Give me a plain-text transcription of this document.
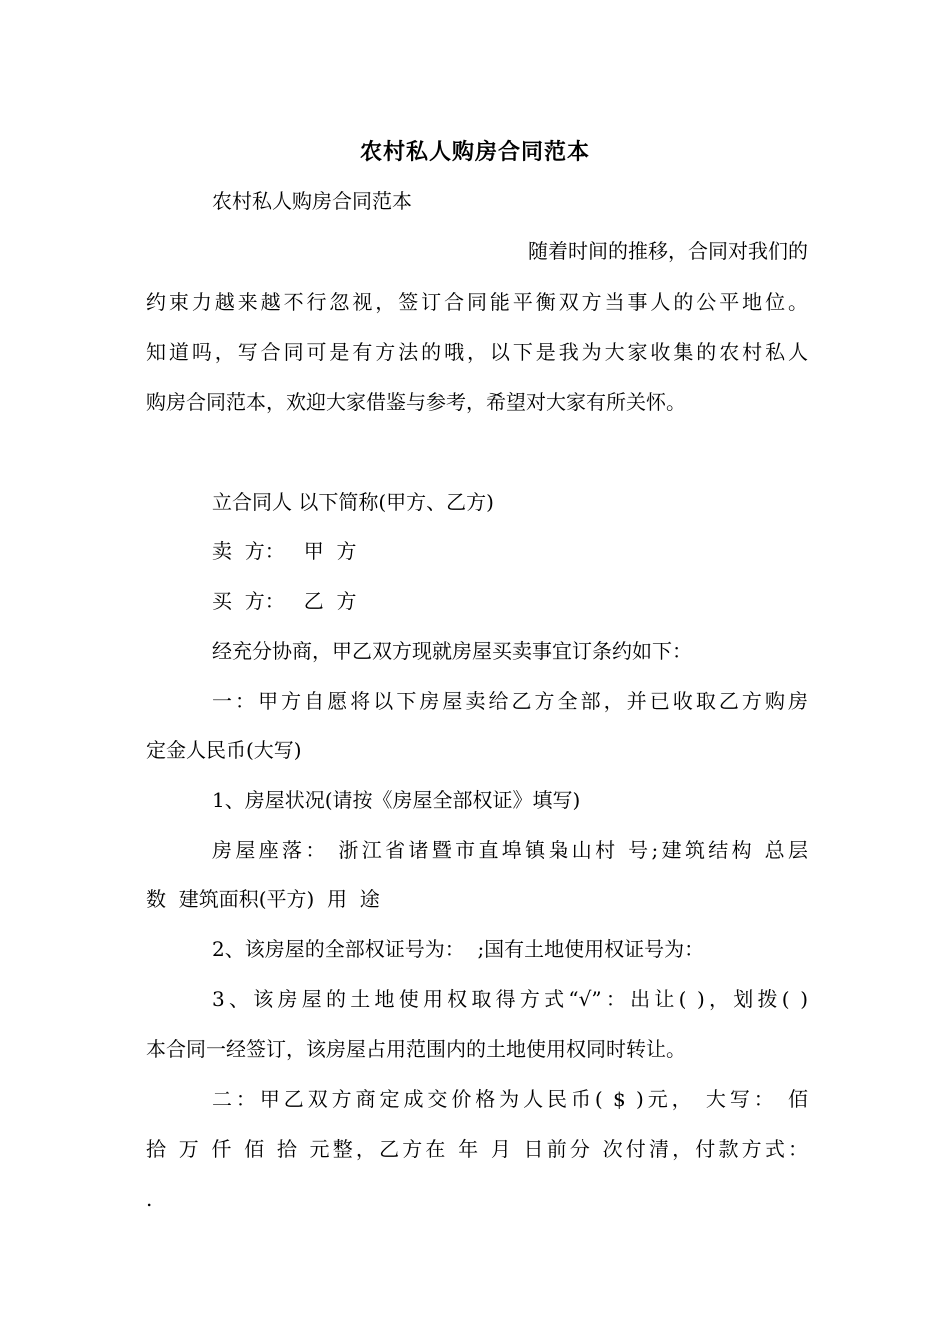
农村私人购房合同范本
农村私人购房合同范本
随着时间的推移，合同对我们的
约束力越来越不行忽视，签订合同能平衡双方当事人的公平地位。
知道吗，写合同可是有方法的哦，以下是我为大家收集的农村私人
购房合同范本，欢迎大家借鉴与参考，希望对大家有所关怀。
立合同人 以下简称(甲方、乙方)
卖  方：   甲  方
买  方：   乙  方
经充分协商，甲乙双方现就房屋买卖事宜订条约如下：
一：甲方自愿将以下房屋卖给乙方全部，并已收取乙方购房
定金人民币(大写)
1、房屋状况(请按《房屋全部权证》填写)
房屋座落： 浙江省诸暨市直埠镇枭山村 号;建筑结构 总层
数  建筑面积(平方)  用  途
2、该房屋的全部权证号为：  ;国有土地使用权证号为：
3、该房屋的土地使用权取得方式“√”：出让( )，划拨( )
本合同一经签订，该房屋占用范围内的土地使用权同时转让。
二：甲乙双方商定成交价格为人民币( $ )元， 大写： 佰
拾 万 仟 佰 拾 元整，乙方在 年 月 日前分 次付清，付款方式：
.
